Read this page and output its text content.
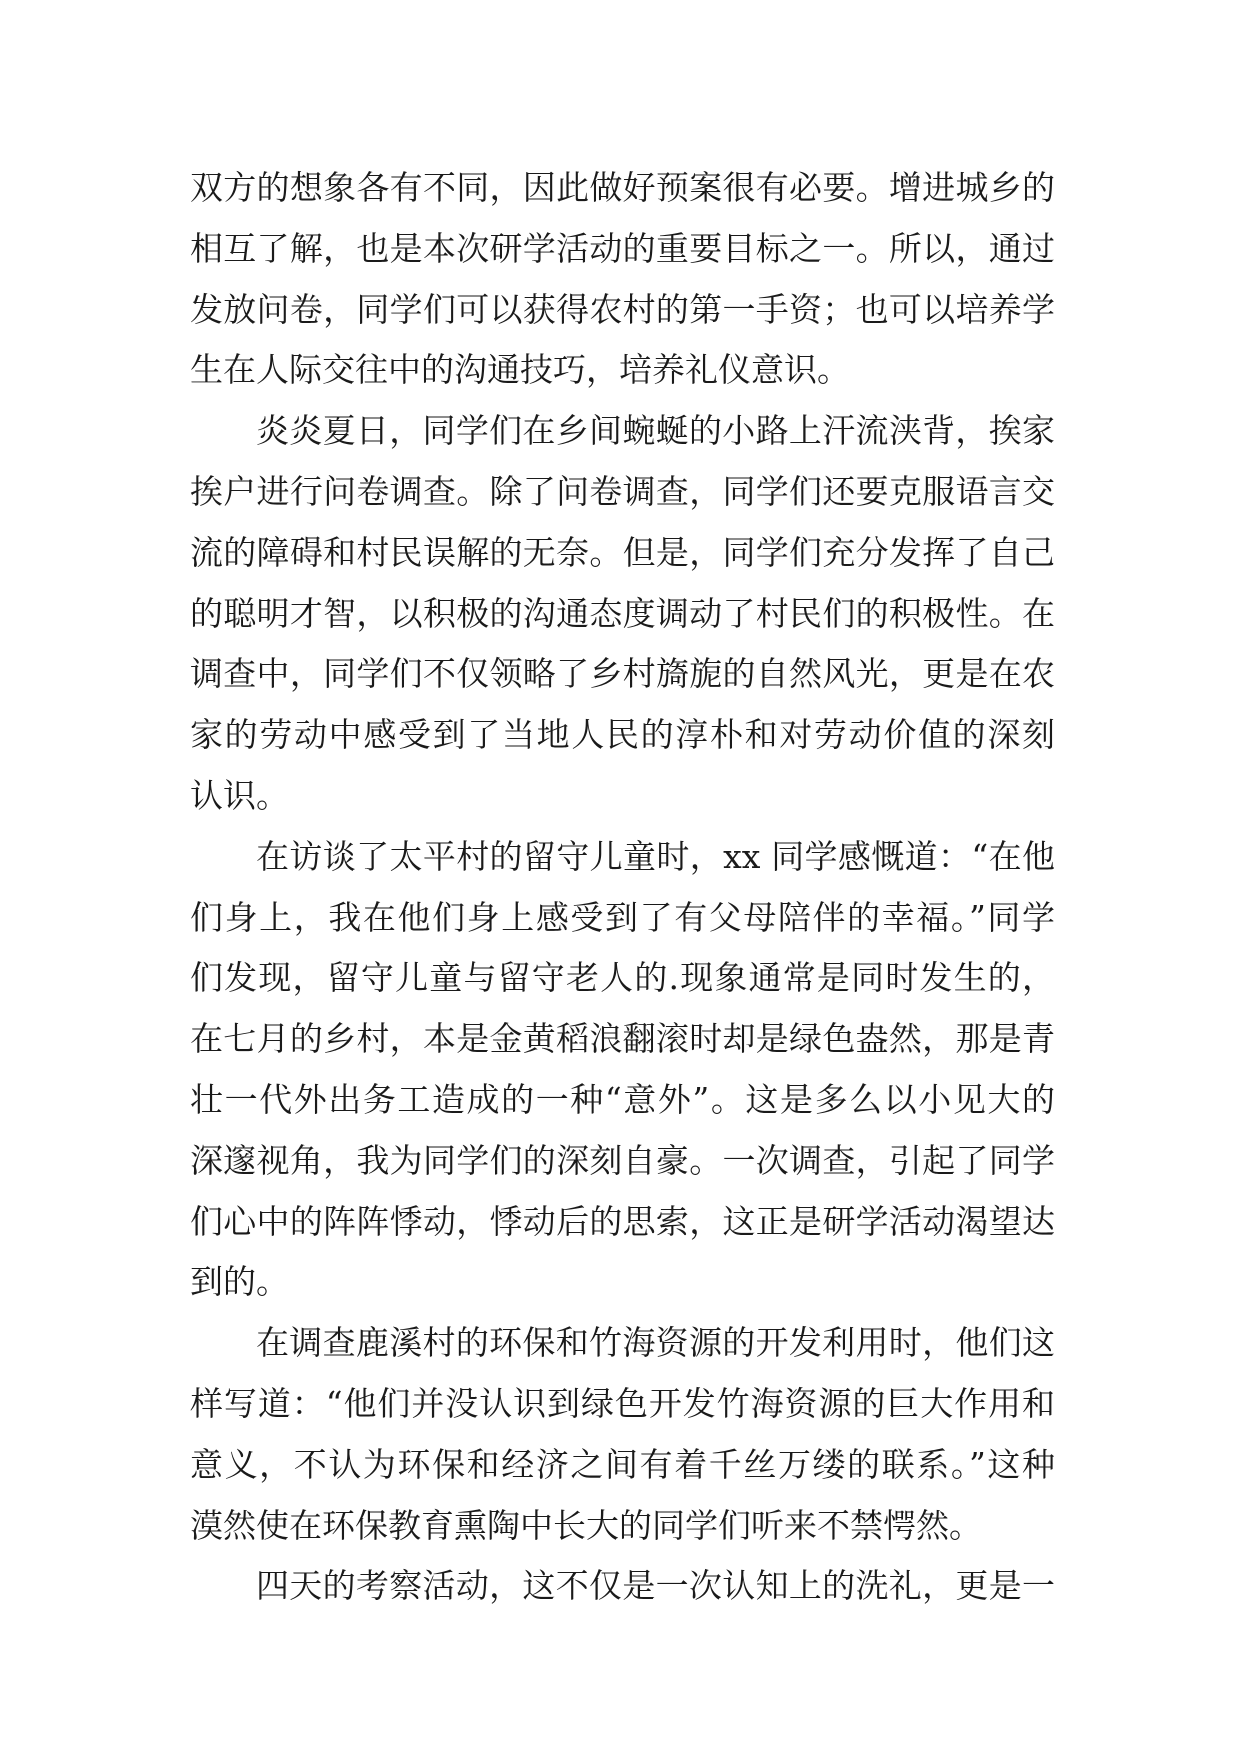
双方的想象各有不同，因此做好预案很有必要。增进城乡的
相互了解，也是本次研学活动的重要目标之一。所以，通过
发放问卷，同学们可以获得农村的第一手资；也可以培养学
生在人际交往中的沟通技巧，培养礼仪意识。
炎炎夏日，同学们在乡间蜿蜒的小路上汗流浃背，挨家
挨户进行问卷调查。除了问卷调查，同学们还要克服语言交
流的障碍和村民误解的无奈。但是，同学们充分发挥了自己
的聪明才智，以积极的沟通态度调动了村民们的积极性。在
调查中，同学们不仅领略了乡村旖旎的自然风光，更是在农
家的劳动中感受到了当地人民的淳朴和对劳动价值的深刻
认识。
在访谈了太平村的留守儿童时，xx 同学感慨道：“在他
们身上，我在他们身上感受到了有父母陪伴的幸福。”同学
们发现，留守儿童与留守老人的.现象通常是同时发生的，
在七月的乡村，本是金黄稻浪翻滚时却是绿色盎然，那是青
壮一代外出务工造成的一种“意外”。这是多么以小见大的
深邃视角，我为同学们的深刻自豪。一次调查，引起了同学
们心中的阵阵悸动，悸动后的思索，这正是研学活动渴望达
到的。
在调查鹿溪村的环保和竹海资源的开发利用时，他们这
样写道：“他们并没认识到绿色开发竹海资源的巨大作用和
意义，不认为环保和经济之间有着千丝万缕的联系。”这种
漠然使在环保教育熏陶中长大的同学们听来不禁愕然。
四天的考察活动，这不仅是一次认知上的洗礼，更是一
